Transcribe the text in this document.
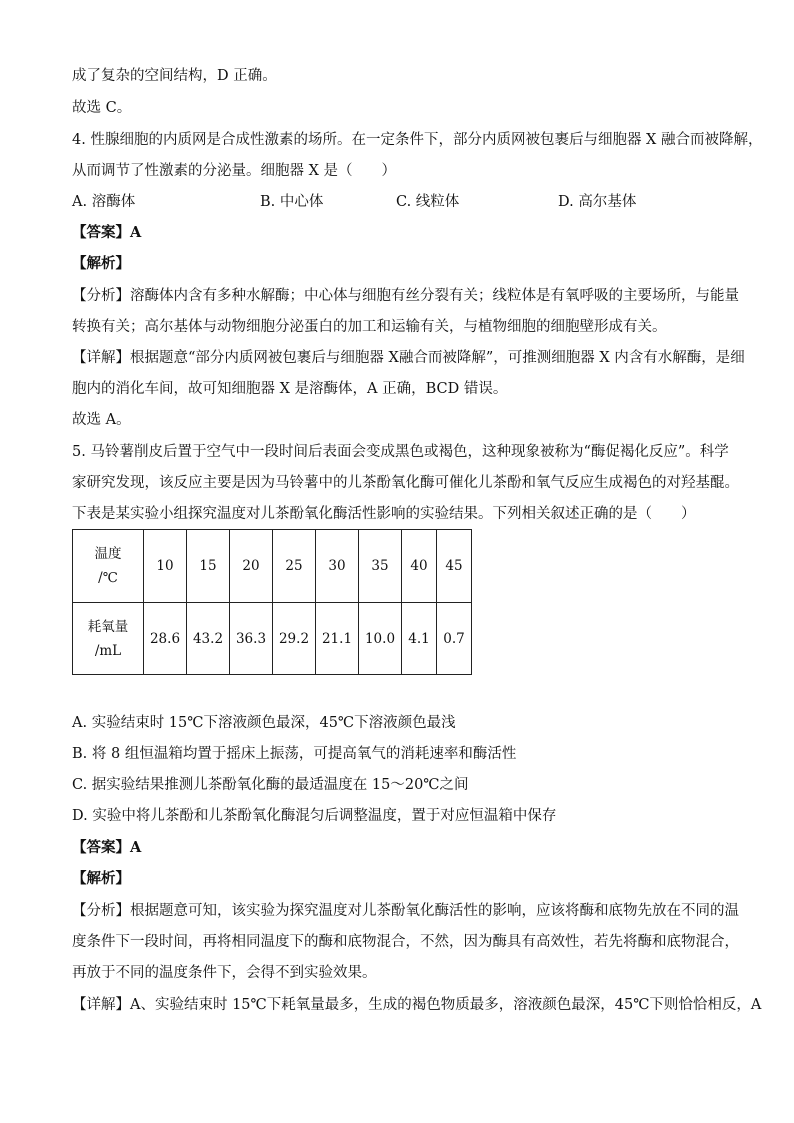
成了复杂的空间结构，D 正确。
故选 C。
4. 性腺细胞的内质网是合成性激素的场所。在一定条件下，部分内质网被包裹后与细胞器 X 融合而被降解，
从而调节了性激素的分泌量。细胞器 X 是（　　）
A. 溶酶体	B. 中心体	C. 线粒体	D. 高尔基体
【答案】A
【解析】
【分析】溶酶体内含有多种水解酶；中心体与细胞有丝分裂有关；线粒体是有氧呼吸的主要场所，与能量
转换有关；高尔基体与动物细胞分泌蛋白的加工和运输有关，与植物细胞的细胞壁形成有关。
【详解】根据题意“部分内质网被包裹后与细胞器 X融合而被降解”，可推测细胞器 X 内含有水解酶，是细
胞内的消化车间，故可知细胞器 X 是溶酶体，A 正确，BCD 错误。
故选 A。
5. 马铃薯削皮后置于空气中一段时间后表面会变成黑色或褐色，这种现象被称为“酶促褐化反应”。科学
家研究发现，该反应主要是因为马铃薯中的儿茶酚氧化酶可催化儿茶酚和氧气反应生成褐色的对羟基醌。
下表是某实验小组探究温度对儿茶酚氧化酶活性影响的实验结果。下列相关叙述正确的是（　　）
温度
/℃	10	15	20	25	30	35	40	45

耗氧量
/mL	28.6	43.2	36.3	29.2	21.1	10.0	4.1	0.7
A. 实验结束时 15℃下溶液颜色最深，45℃下溶液颜色最浅
B. 将 8 组恒温箱均置于摇床上振荡，可提高氧气的消耗速率和酶活性
C. 据实验结果推测儿茶酚氧化酶的最适温度在 15～20℃之间
D. 实验中将儿茶酚和儿茶酚氧化酶混匀后调整温度，置于对应恒温箱中保存
【答案】A
【解析】
【分析】根据题意可知，该实验为探究温度对儿茶酚氧化酶活性的影响，应该将酶和底物先放在不同的温
度条件下一段时间，再将相同温度下的酶和底物混合，不然，因为酶具有高效性，若先将酶和底物混合，
再放于不同的温度条件下，会得不到实验效果。
【详解】A、实验结束时 15℃下耗氧量最多，生成的褐色物质最多，溶液颜色最深，45℃下则恰恰相反，A
